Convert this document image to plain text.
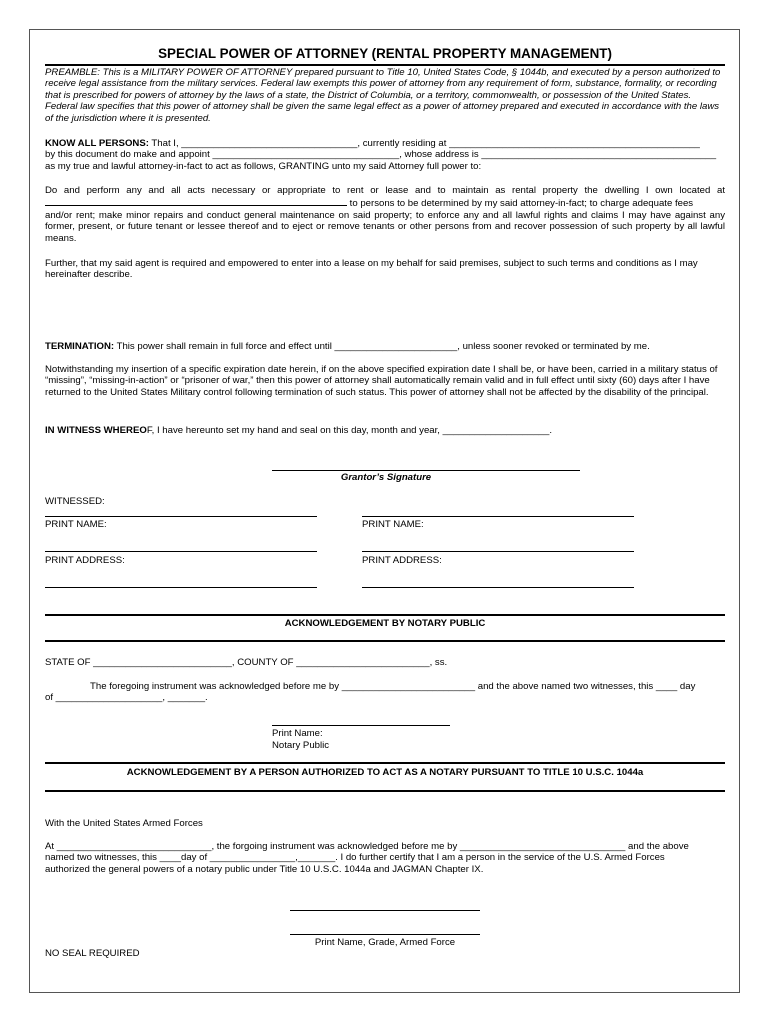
SPECIAL POWER OF ATTORNEY (RENTAL PROPERTY MANAGEMENT)
PREAMBLE: This is a MILITARY POWER OF ATTORNEY prepared pursuant to Title 10, United States Code, § 1044b, and executed by a person authorized to receive legal assistance from the military services. Federal law exempts this power of attorney from any requirement of form, substance, formality, or recording that is prescribed for powers of attorney by the laws of a state, the District of Columbia, or a territory, commonwealth, or possession of the United States. Federal law specifies that this power of attorney shall be given the same legal effect as a power of attorney prepared and executed in accordance with the laws of the jurisdiction where it is presented.
KNOW ALL PERSONS: That I, _________________________________, currently residing at _______________________________________________
by this document do make and appoint ___________________________________, whose address is ____________________________________________
as my true and lawful attorney-in-fact to act as follows, GRANTING unto my said Attorney full power to:
Do and perform any and all acts necessary or appropriate to rent or lease and to maintain as rental property the dwelling I own located at
to persons to be determined by my said attorney-in-fact; to charge adequate fees
and/or rent; make minor repairs and conduct general maintenance on said property; to enforce any and all lawful rights and claims I may have against any former, present, or future tenant or lessee thereof and to eject or remove tenants or other persons from and recover possession of such property by all lawful means.
Further, that my said agent is required and empowered to enter into a lease on my behalf for said premises, subject to such terms and conditions as I may hereinafter describe.
TERMINATION: This power shall remain in full force and effect until _______________________, unless sooner revoked or terminated by me.
Notwithstanding my insertion of a specific expiration date herein, if on the above specified expiration date I shall be, or have been, carried in a military status of “missing”, “missing-in-action” or “prisoner of war,” then this power of attorney shall automatically remain valid and in full effect until sixty (60) days after I have returned to the United States Military control following termination of such status. This power of attorney shall not be affected by the disability of the principal.
IN WITNESS WHEREOF, I have hereunto set my hand and seal on this day, month and year, ____________________.
Grantor’s Signature
WITNESSED:
PRINT NAME:	PRINT NAME:
PRINT ADDRESS:	PRINT ADDRESS:
ACKNOWLEDGEMENT BY NOTARY PUBLIC
STATE OF __________________________, COUNTY OF _________________________, ss.
The foregoing instrument was acknowledged before me by _________________________ and the above named two witnesses, this ____ day
of ____________________, _______.
Print Name:
Notary Public
ACKNOWLEDGEMENT BY A PERSON AUTHORIZED TO ACT AS A NOTARY PURSUANT TO TITLE 10 U.S.C. 1044a
With the United States Armed Forces
At _____________________________, the forgoing instrument was acknowledged before me by _______________________________ and the above
named two witnesses, this ____day of ________________,_______. I do further certify that I am a person in the service of the U.S. Armed Forces
authorized the general powers of a notary public under Title 10 U.S.C. 1044a and JAGMAN Chapter IX.
Print Name, Grade, Armed Force
NO SEAL REQUIRED
